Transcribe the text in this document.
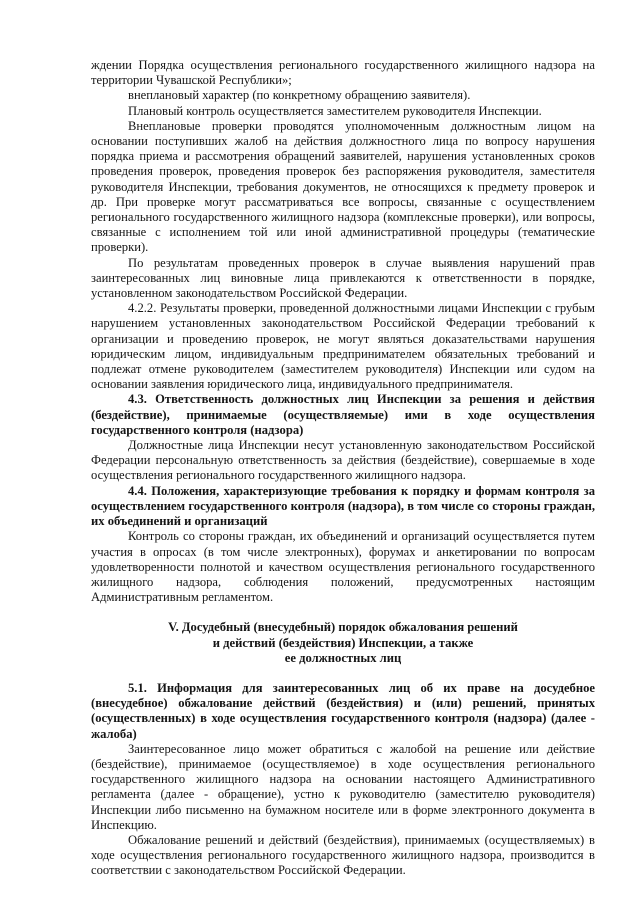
ждении Порядка осуществления регионального государственного жилищного надзора на территории Чувашской Республики»;

внеплановый характер (по конкретному обращению заявителя).

Плановый контроль осуществляется заместителем руководителя Инспекции.

Внеплановые проверки проводятся уполномоченным должностным лицом на основании поступивших жалоб на действия должностного лица по вопросу нарушения порядка приема и рассмотрения обращений заявителей, нарушения установленных сроков проведения проверок, проведения проверок без распоряжения руководителя, заместителя руководителя Инспекции, требования документов, не относящихся к предмету проверок и др. При проверке могут рассматриваться все вопросы, связанные с осуществлением регионального государственного жилищного надзора (комплексные проверки), или вопросы, связанные с исполнением той или иной административной процедуры (тематические проверки).

По результатам проведенных проверок в случае выявления нарушений прав заинтересованных лиц виновные лица привлекаются к ответственности в порядке, установленном законодательством Российской Федерации.

4.2.2. Результаты проверки, проведенной должностными лицами Инспекции с грубым нарушением установленных законодательством Российской Федерации требований к организации и проведению проверок, не могут являться доказательствами нарушения юридическим лицом, индивидуальным предпринимателем обязательных требований и подлежат отмене руководителем (заместителем руководителя) Инспекции или судом на основании заявления юридического лица, индивидуального предпринимателя.

4.3. Ответственность должностных лиц Инспекции за решения и действия (бездействие), принимаемые (осуществляемые) ими в ходе осуществления государственного контроля (надзора)

Должностные лица Инспекции несут установленную законодательством Российской Федерации персональную ответственность за действия (бездействие), совершаемые в ходе осуществления регионального государственного жилищного надзора.

4.4. Положения, характеризующие требования к порядку и формам контроля за осуществлением государственного контроля (надзора), в том числе со стороны граждан, их объединений и организаций

Контроль со стороны граждан, их объединений и организаций осуществляется путем участия в опросах (в том числе электронных), форумах и анкетировании по вопросам удовлетворенности полнотой и качеством осуществления регионального государственного жилищного надзора, соблюдения положений, предусмотренных настоящим Административным регламентом.

V. Досудебный (внесудебный) порядок обжалования решений

и действий (бездействия) Инспекции, а также

ее должностных лиц

5.1. Информация для заинтересованных лиц об их праве на досудебное (внесудебное) обжалование действий (бездействия) и (или) решений, принятых (осуществленных) в ходе осуществления государственного контроля (надзора) (далее - жалоба)

Заинтересованное лицо может обратиться с жалобой на решение или действие (бездействие), принимаемое (осуществляемое) в ходе осуществления регионального государственного жилищного надзора на основании настоящего Административного регламента (далее - обращение), устно к руководителю (заместителю руководителя) Инспекции либо письменно на бумажном носителе или в форме электронного документа в Инспекцию.

Обжалование решений и действий (бездействия), принимаемых (осуществляемых) в ходе осуществления регионального государственного жилищного надзора, производится в соответствии с законодательством Российской Федерации.
